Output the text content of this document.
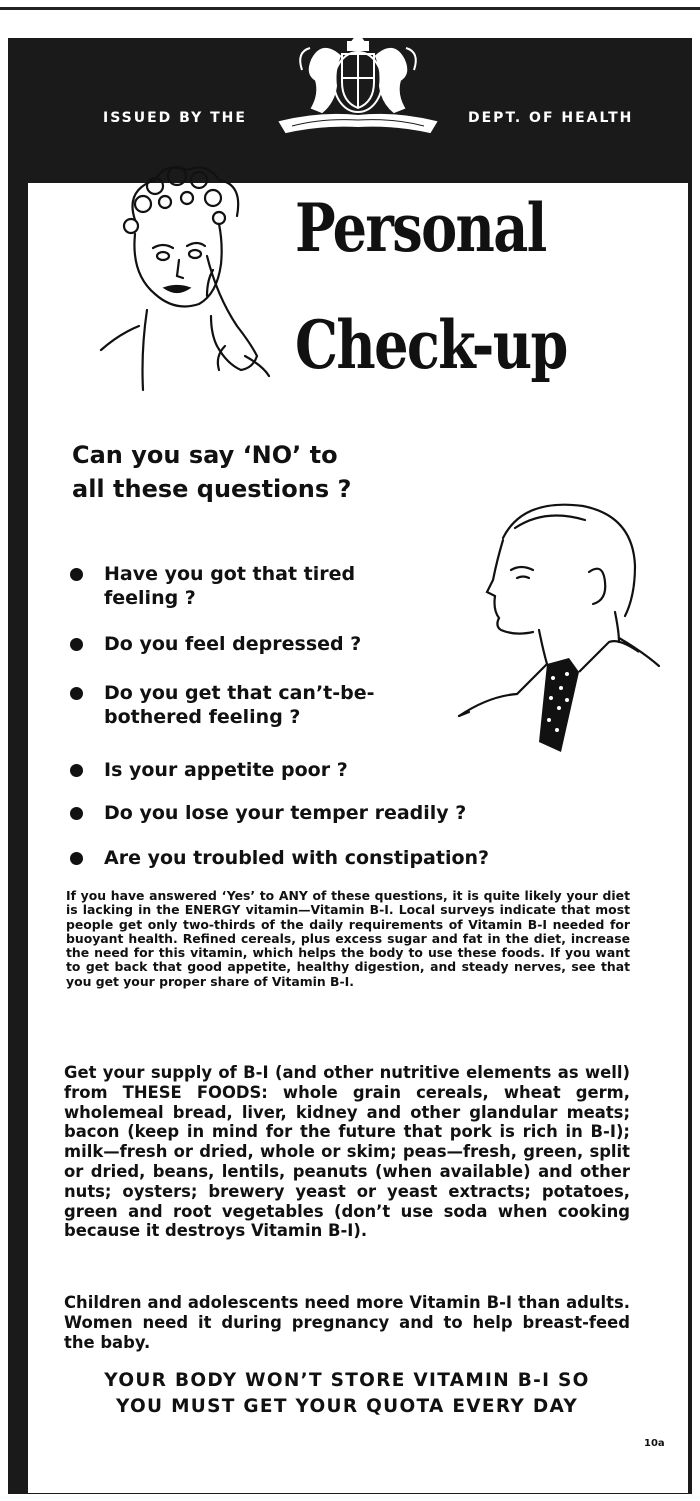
ISSUED BY THE	DEPT. OF HEALTH
Personal
Check-up
Can you say ‘NO’ to
all these questions ?
Have you got that tired
feeling ?
Do you feel depressed ?
Do you get that can’t-be-
bothered feeling ?
Is your appetite poor ?
Do you lose your temper readily ?
Are you troubled with constipation?
If you have answered ‘Yes’ to ANY of these questions, it is quite likely your diet is lacking in the ENERGY vitamin—Vitamin B-I. Local surveys indicate that most people get only two-thirds of the daily requirements of Vitamin B-I needed for buoyant health. Refined cereals, plus excess sugar and fat in the diet, increase the need for this vitamin, which helps the body to use these foods. If you want to get back that good appetite, healthy digestion, and steady nerves, see that you get your proper share of Vitamin B-I.
Get your supply of B-I (and other nutritive elements as well) from THESE FOODS: whole grain cereals, wheat germ, wholemeal bread, liver, kidney and other glandular meats; bacon (keep in mind for the future that pork is rich in B-I); milk—fresh or dried, whole or skim; peas—fresh, green, split or dried, beans, lentils, peanuts (when available) and other nuts; oysters; brewery yeast or yeast extracts; potatoes, green and root vegetables (don’t use soda when cooking because it destroys Vitamin B-I).
Children and adolescents need more Vitamin B-I than adults. Women need it during pregnancy and to help breast-feed the baby.
YOUR BODY WON’T STORE VITAMIN B-I SO
YOU MUST GET YOUR QUOTA EVERY DAY
10a
FOR A HEALTHIER NATION
